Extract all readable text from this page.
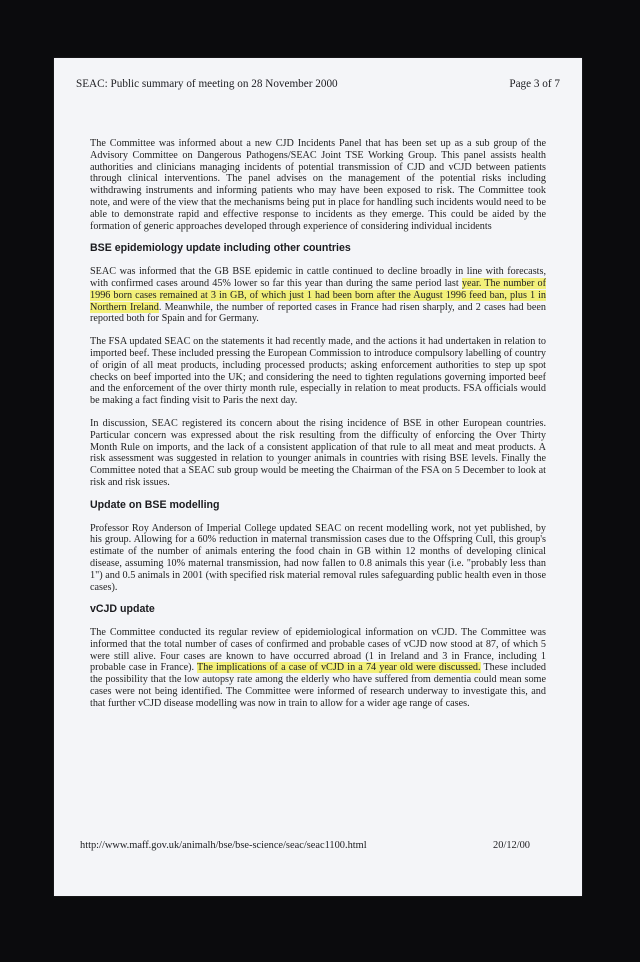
SEAC: Public summary of meeting on 28 November 2000	Page 3 of 7

The Committee was informed about a new CJD Incidents Panel that has been set up as a sub group of the Advisory Committee on Dangerous Pathogens/SEAC Joint TSE Working Group. This panel assists health authorities and clinicians managing incidents of potential transmission of CJD and vCJD between patients through clinical interventions. The panel advises on the management of the potential risks including withdrawing instruments and informing patients who may have been exposed to risk. The Committee took note, and were of the view that the mechanisms being put in place for handling such incidents would need to be able to demonstrate rapid and effective response to incidents as they emerge. This could be aided by the formation of generic approaches developed through experience of considering individual incidents

BSE epidemiology update including other countries

SEAC was informed that the GB BSE epidemic in cattle continued to decline broadly in line with forecasts, with confirmed cases around 45% lower so far this year than during the same period last year. The number of 1996 born cases remained at 3 in GB, of which just 1 had been born after the August 1996 feed ban, plus 1 in Northern Ireland. Meanwhile, the number of reported cases in France had risen sharply, and 2 cases had been reported both for Spain and for Germany.

The FSA updated SEAC on the statements it had recently made, and the actions it had undertaken in relation to imported beef. These included pressing the European Commission to introduce compulsory labelling of country of origin of all meat products, including processed products; asking enforcement authorities to step up spot checks on beef imported into the UK; and considering the need to tighten regulations governing imported beef and the enforcement of the over thirty month rule, especially in relation to meat products. FSA officials would be making a fact finding visit to Paris the next day.

In discussion, SEAC registered its concern about the rising incidence of BSE in other European countries. Particular concern was expressed about the risk resulting from the difficulty of enforcing the Over Thirty Month Rule on imports, and the lack of a consistent application of that rule to all meat and meat products. A risk assessment was suggested in relation to younger animals in countries with rising BSE levels. Finally the Committee noted that a SEAC sub group would be meeting the Chairman of the FSA on 5 December to look at risk and risk issues.

Update on BSE modelling

Professor Roy Anderson of Imperial College updated SEAC on recent modelling work, not yet published, by his group. Allowing for a 60% reduction in maternal transmission cases due to the Offspring Cull, this group's estimate of the number of animals entering the food chain in GB within 12 months of developing clinical disease, assuming 10% maternal transmission, had now fallen to 0.8 animals this year (i.e. "probably less than 1") and 0.5 animals in 2001 (with specified risk material removal rules safeguarding public health even in those cases).

vCJD update

The Committee conducted its regular review of epidemiological information on vCJD. The Committee was informed that the total number of cases of confirmed and probable cases of vCJD now stood at 87, of which 5 were still alive. Four cases are known to have occurred abroad (1 in Ireland and 3 in France, including 1 probable case in France). The implications of a case of vCJD in a 74 year old were discussed. These included the possibility that the low autopsy rate among the elderly who have suffered from dementia could mean some cases were not being identified. The Committee were informed of research underway to investigate this, and that further vCJD disease modelling was now in train to allow for a wider age range of cases.

http://www.maff.gov.uk/animalh/bse/bse-science/seac/seac1100.html	20/12/00
